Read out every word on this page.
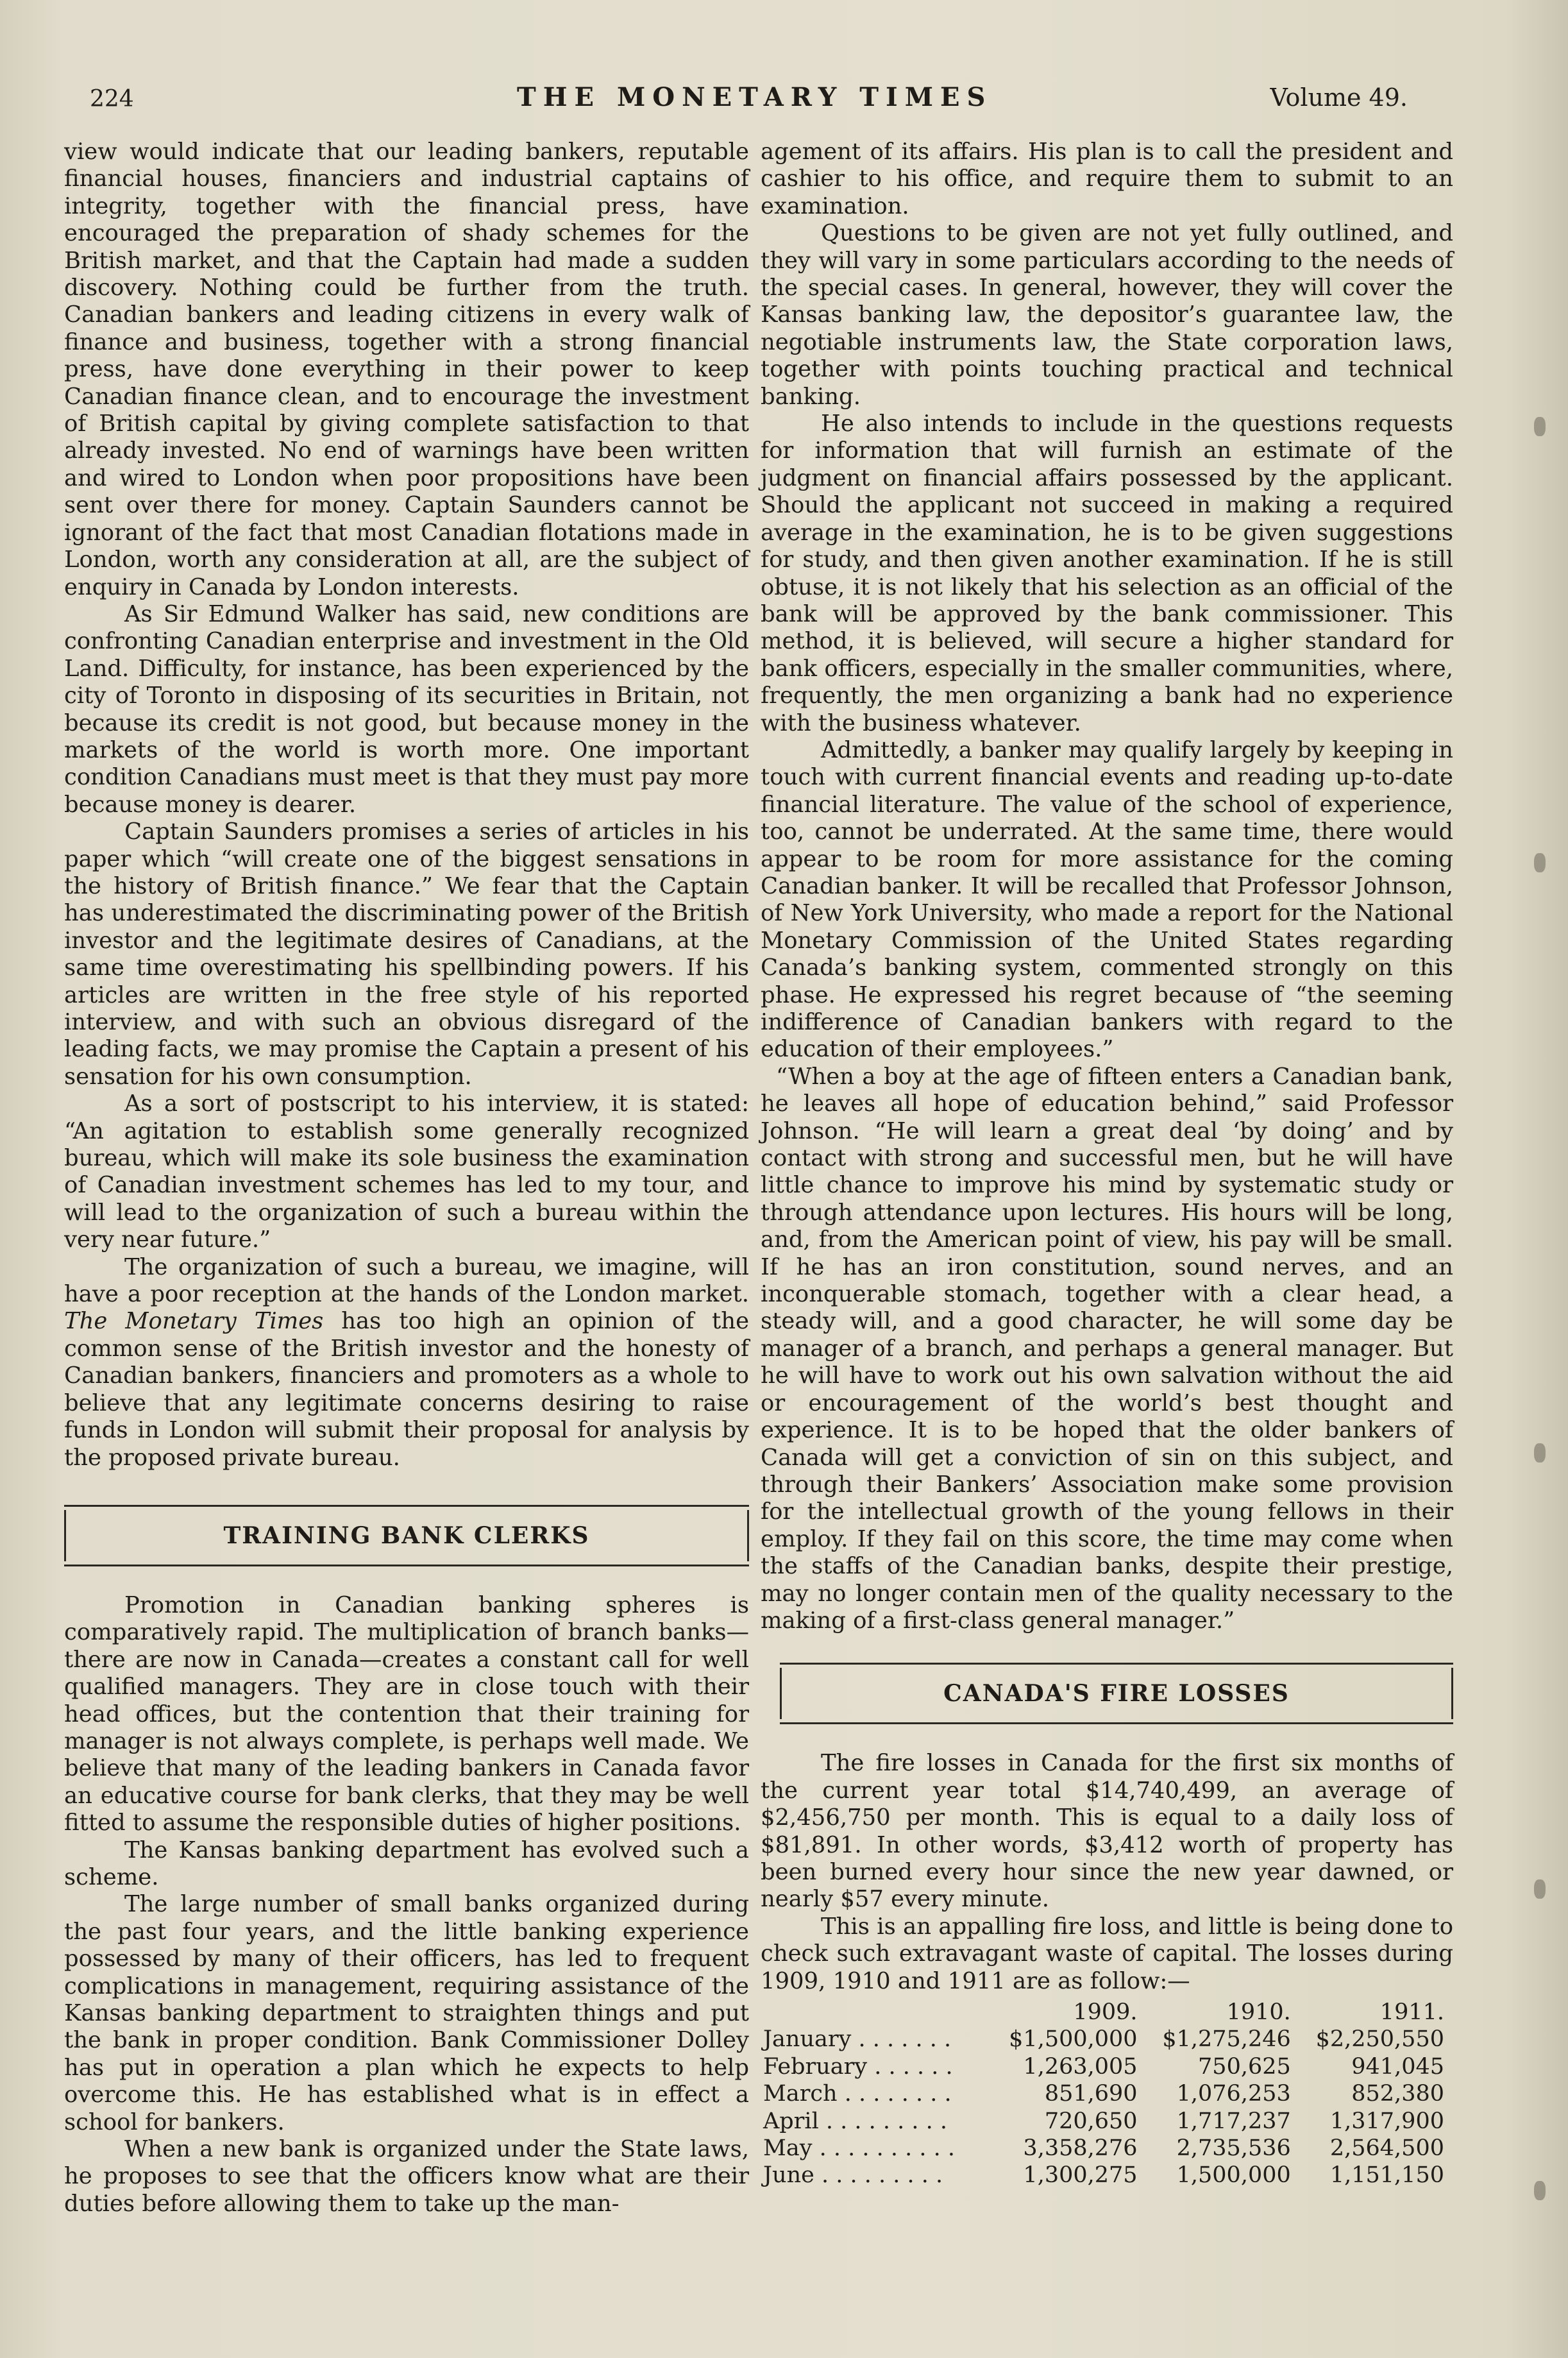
224	THE MONETARY TIMES	Volume 49.

view would indicate that our leading bankers, reputable financial houses, financiers and industrial captains of integrity, together with the financial press, have encouraged the preparation of shady schemes for the British market, and that the Captain had made a sudden discovery. Nothing could be further from the truth. Canadian bankers and leading citizens in every walk of finance and business, together with a strong financial press, have done everything in their power to keep Canadian finance clean, and to encourage the investment of British capital by giving complete satisfaction to that already invested. No end of warnings have been written and wired to London when poor propositions have been sent over there for money. Captain Saunders cannot be ignorant of the fact that most Canadian flotations made in London, worth any consideration at all, are the subject of enquiry in Canada by London interests.

As Sir Edmund Walker has said, new conditions are confronting Canadian enterprise and investment in the Old Land. Difficulty, for instance, has been experienced by the city of Toronto in disposing of its securities in Britain, not because its credit is not good, but because money in the markets of the world is worth more. One important condition Canadians must meet is that they must pay more because money is dearer.

Captain Saunders promises a series of articles in his paper which “will create one of the biggest sensations in the history of British finance.” We fear that the Captain has underestimated the discriminating power of the British investor and the legitimate desires of Canadians, at the same time overestimating his spellbinding powers. If his articles are written in the free style of his reported interview, and with such an obvious disregard of the leading facts, we may promise the Captain a present of his sensation for his own consumption.

As a sort of postscript to his interview, it is stated: “An agitation to establish some generally recognized bureau, which will make its sole business the examination of Canadian investment schemes has led to my tour, and will lead to the organization of such a bureau within the very near future.”

The organization of such a bureau, we imagine, will have a poor reception at the hands of the London market. The Monetary Times has too high an opinion of the common sense of the British investor and the honesty of Canadian bankers, financiers and promoters as a whole to believe that any legitimate concerns desiring to raise funds in London will submit their proposal for analysis by the proposed private bureau.

TRAINING BANK CLERKS

Promotion in Canadian banking spheres is comparatively rapid. The multiplication of branch banks—there are now in Canada—creates a constant call for well qualified managers. They are in close touch with their head offices, but the contention that their training for manager is not always complete, is perhaps well made. We believe that many of the leading bankers in Canada favor an educative course for bank clerks, that they may be well fitted to assume the responsible duties of higher positions.

The Kansas banking department has evolved such a scheme.

The large number of small banks organized during the past four years, and the little banking experience possessed by many of their officers, has led to frequent complications in management, requiring assistance of the Kansas banking department to straighten things and put the bank in proper condition. Bank Commissioner Dolley has put in operation a plan which he expects to help overcome this. He has established what is in effect a school for bankers.

When a new bank is organized under the State laws, he proposes to see that the officers know what are their duties before allowing them to take up the man-

agement of its affairs. His plan is to call the president and cashier to his office, and require them to submit to an examination.

Questions to be given are not yet fully outlined, and they will vary in some particulars according to the needs of the special cases. In general, however, they will cover the Kansas banking law, the depositor’s guarantee law, the negotiable instruments law, the State corporation laws, together with points touching practical and technical banking.

He also intends to include in the questions requests for information that will furnish an estimate of the judgment on financial affairs possessed by the applicant. Should the applicant not succeed in making a required average in the examination, he is to be given suggestions for study, and then given another examination. If he is still obtuse, it is not likely that his selection as an official of the bank will be approved by the bank commissioner. This method, it is believed, will secure a higher standard for bank officers, especially in the smaller communities, where, frequently, the men organizing a bank had no experience with the business whatever.

Admittedly, a banker may qualify largely by keeping in touch with current financial events and reading up-to-date financial literature. The value of the school of experience, too, cannot be underrated. At the same time, there would appear to be room for more assistance for the coming Canadian banker. It will be recalled that Professor Johnson, of New York University, who made a report for the National Monetary Commission of the United States regarding Canada’s banking system, commented strongly on this phase. He expressed his regret because of “the seeming indifference of Canadian bankers with regard to the education of their employees.”

“When a boy at the age of fifteen enters a Canadian bank, he leaves all hope of education behind,” said Professor Johnson. “He will learn a great deal ‘by doing’ and by contact with strong and successful men, but he will have little chance to improve his mind by systematic study or through attendance upon lectures. His hours will be long, and, from the American point of view, his pay will be small. If he has an iron constitution, sound nerves, and an inconquerable stomach, together with a clear head, a steady will, and a good character, he will some day be manager of a branch, and perhaps a general manager. But he will have to work out his own salvation without the aid or encouragement of the world’s best thought and experience. It is to be hoped that the older bankers of Canada will get a conviction of sin on this subject, and through their Bankers’ Association make some provision for the intellectual growth of the young fellows in their employ. If they fail on this score, the time may come when the staffs of the Canadian banks, despite their prestige, may no longer contain men of the quality necessary to the making of a first-class general manager.”

CANADA'S FIRE LOSSES

The fire losses in Canada for the first six months of the current year total $14,740,499, an average of $2,456,750 per month. This is equal to a daily loss of $81,891. In other words, $3,412 worth of property has been burned every hour since the new year dawned, or nearly $57 every minute.

This is an appalling fire loss, and little is being done to check such extravagant waste of capital. The losses during 1909, 1910 and 1911 are as follow:—

	1909.	1910.	1911.
January . . . . . . .	$1,500,000	$1,275,246	$2,250,550
February . . . . . .	1,263,005	750,625	941,045
March . . . . . . . .	851,690	1,076,253	852,380
April . . . . . . . . .	720,650	1,717,237	1,317,900
May . . . . . . . . . .	3,358,276	2,735,536	2,564,500
June . . . . . . . . .	1,300,275	1,500,000	1,151,150
